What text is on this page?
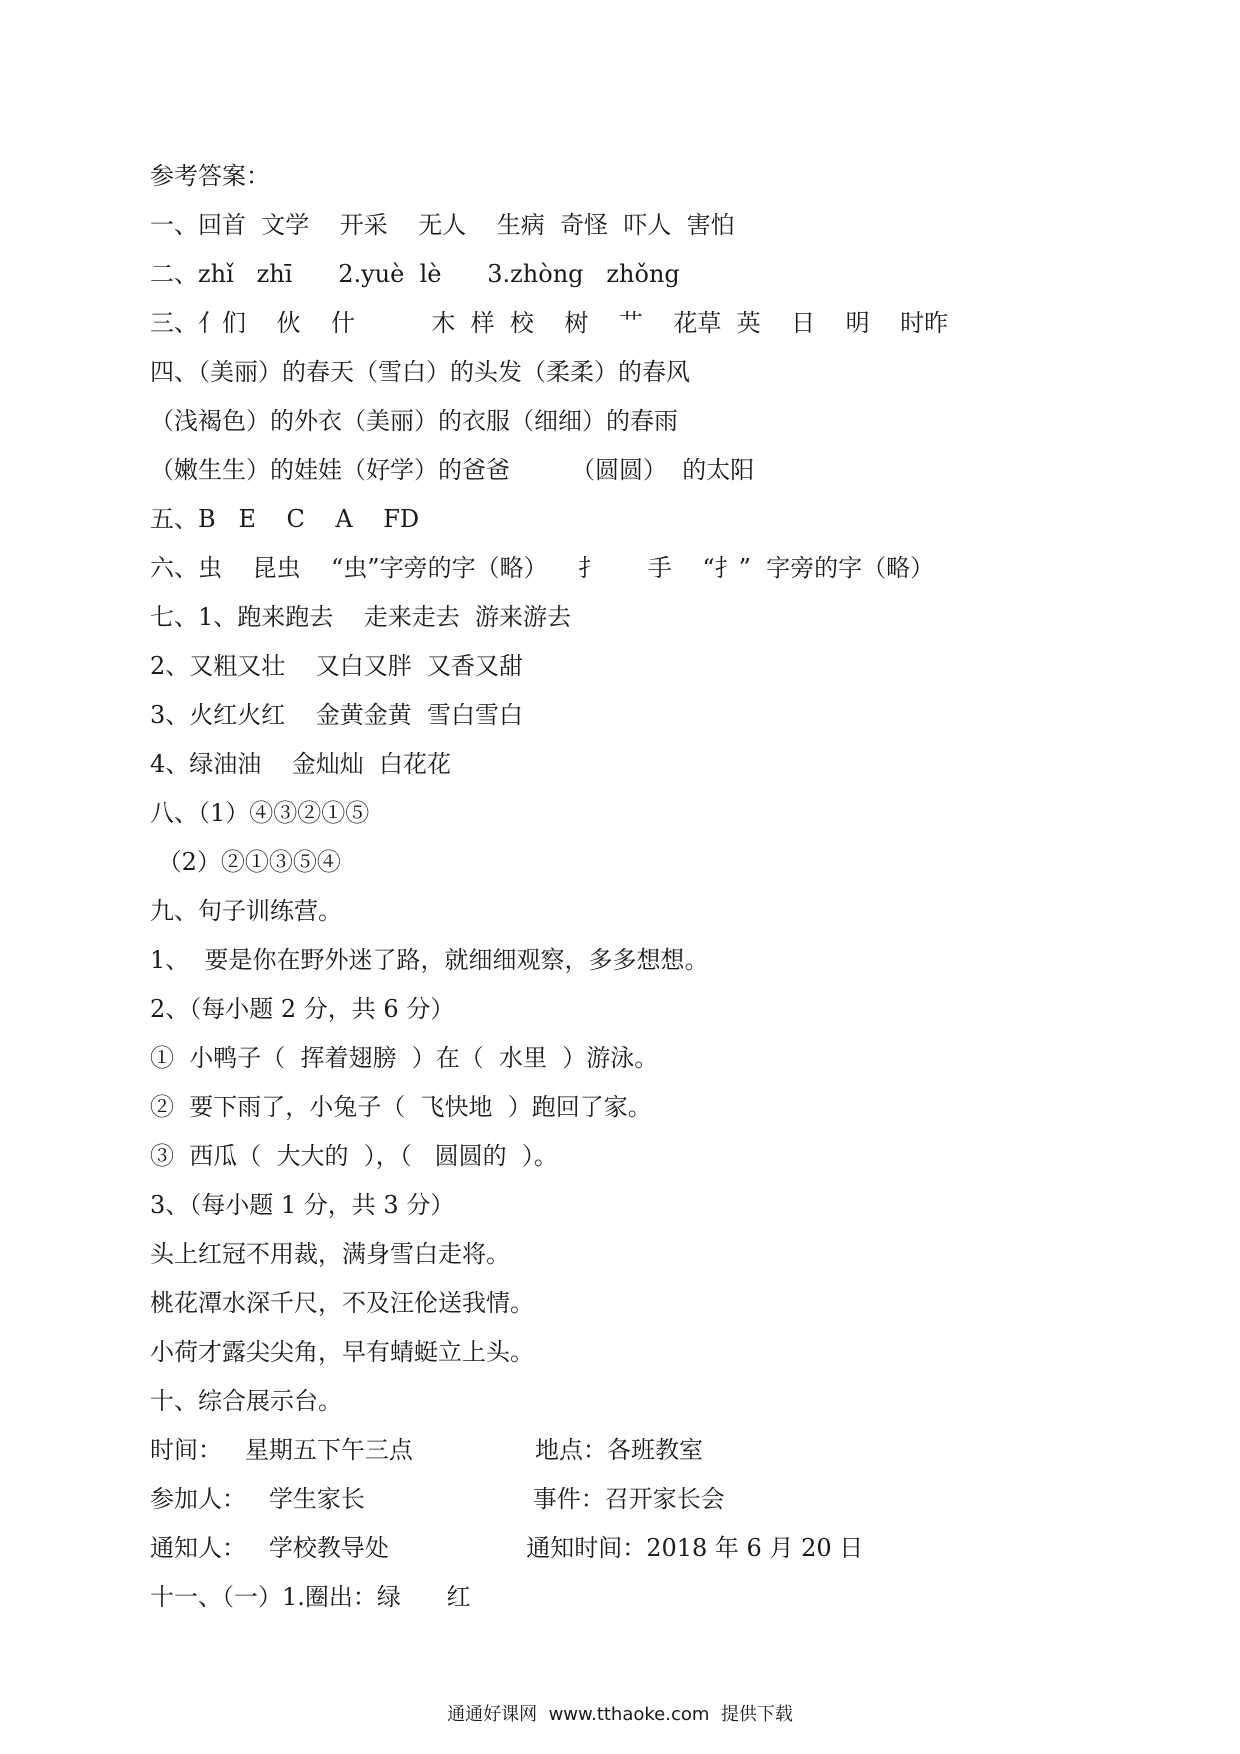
参考答案：
一、回首  文学    开采    无人    生病  奇怪  吓人  害怕
二、zhǐ   zhī      2.yuè  lè      3.zhòng   zhǒng
三、亻们    伙    什          木  样  校    树    艹    花草  英    日    明    时昨
四、（美丽）的春天（雪白）的头发（柔柔）的春风
（浅褐色）的外衣（美丽）的衣服（细细）的春雨
（嫩生生）的娃娃（好学）的爸爸        （圆圆）  的太阳
五、B   E    C    A    FD
六、虫    昆虫    “虫”字旁的字（略）    扌      手    “扌”  字旁的字（略）
七、1、跑来跑去    走来走去  游来游去
2、又粗又壮    又白又胖  又香又甜
3、火红火红    金黄金黄  雪白雪白
4、绿油油    金灿灿  白花花
八、（1）④③②①⑤
（2）②①③⑤④
九、句子训练营。
1、  要是你在野外迷了路，就细细观察，多多想想。
2、（每小题 2 分，共 6 分）
①  小鸭子（  挥着翅膀  ）在（  水里  ）游泳。
②  要下雨了，小兔子（  飞快地  ）跑回了家。
③  西瓜（  大大的  ），（   圆圆的  ）。
3、（每小题 1 分，共 3 分）
头上红冠不用裁，满身雪白走将。
桃花潭水深千尺，不及汪伦送我情。
小荷才露尖尖角，早有蜻蜓立上头。
十、综合展示台。
时间：   星期五下午三点                地点：各班教室
参加人：   学生家长                      事件：召开家长会
通知人：   学校教导处                  通知时间：2018 年 6 月 20 日
十一、（一）1.圈出：绿      红
通通好课网  www.tthaoke.com  提供下载
